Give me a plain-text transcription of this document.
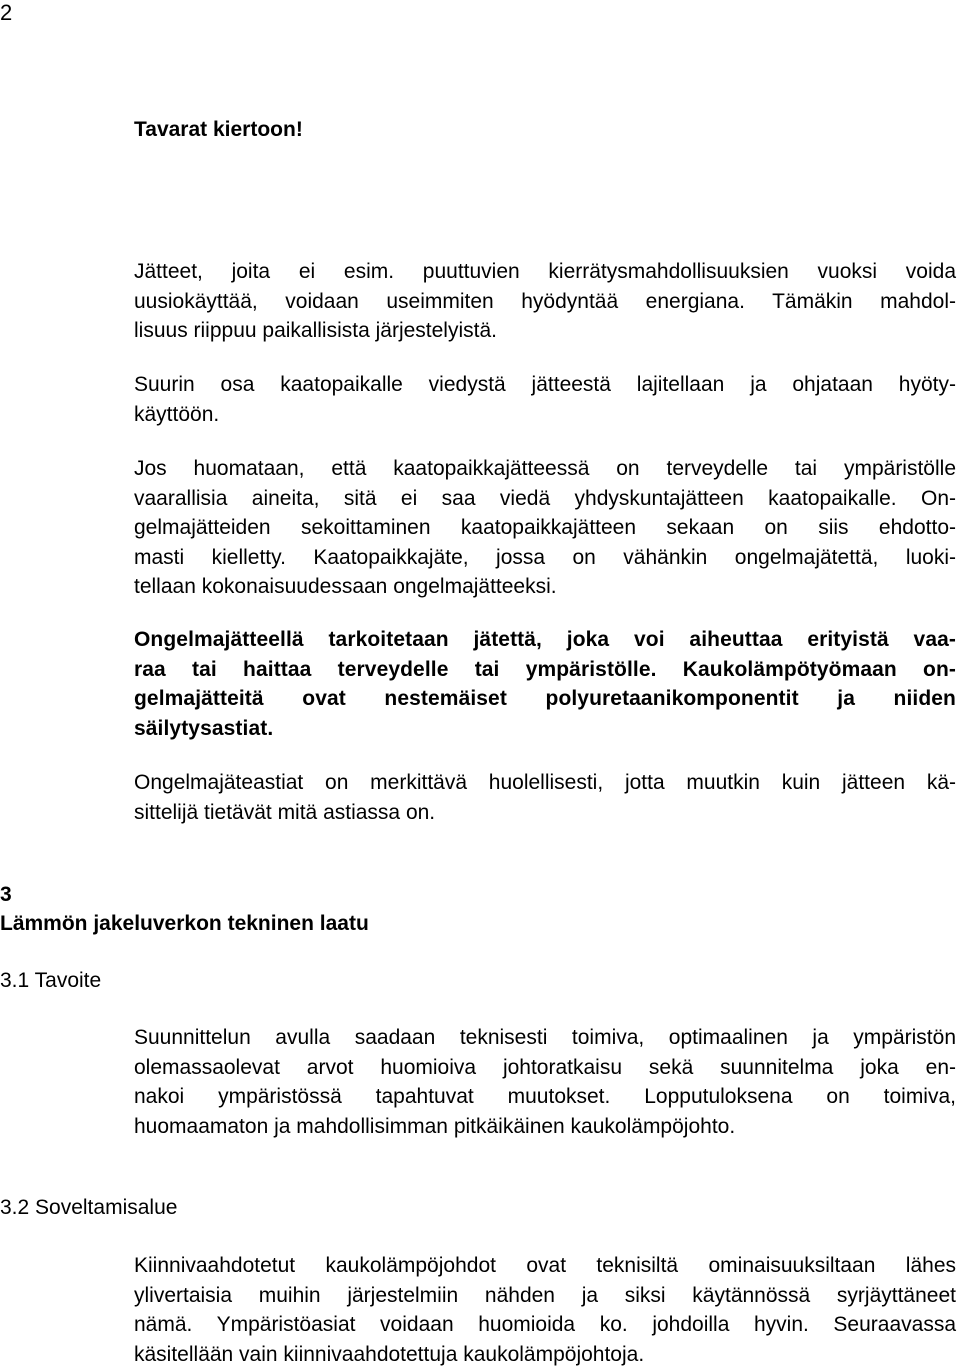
2
Tavarat kiertoon!

Jätteet, joita ei esim. puuttuvien kierrätysmahdollisuuksien vuoksi voida
uusiokäyttää, voidaan useimmiten hyödyntää energiana. Tämäkin mahdol-
lisuus riippuu paikallisista järjestelyistä.

Suurin osa kaatopaikalle viedystä jätteestä lajitellaan ja ohjataan hyöty-
käyttöön.

Jos huomataan, että kaatopaikkajätteessä on terveydelle tai ympäristölle
vaarallisia aineita, sitä ei saa viedä yhdyskuntajätteen kaatopaikalle. On-
gelmajätteiden sekoittaminen kaatopaikkajätteen sekaan on siis ehdotto-
masti kielletty. Kaatopaikkajäte, jossa on vähänkin ongelmajätettä, luoki-
tellaan kokonaisuudessaan ongelmajätteeksi.

Ongelmajätteellä tarkoitetaan jätettä, joka voi aiheuttaa erityistä vaa-
raa tai haittaa terveydelle tai ympäristölle. Kaukolämpötyömaan on-
gelmajätteitä ovat nestemäiset polyuretaanikomponentit ja niiden
säilytysastiat.

Ongelmajäteastiat on merkittävä huolellisesti, jotta muutkin kuin jätteen kä-
sittelijä tietävät mitä astiassa on.

3
Lämmön jakeluverkon tekninen laatu
3.1 Tavoite

Suunnittelun avulla saadaan teknisesti toimiva, optimaalinen ja ympäristön
olemassaolevat arvot huomioiva johtoratkaisu sekä suunnitelma joka en-
nakoi ympäristössä tapahtuvat muutokset. Lopputuloksena on toimiva,
huomaamaton ja mahdollisimman pitkäikäinen kaukolämpöjohto.

3.2 Soveltamisalue

Kiinnivaahdotetut kaukolämpöjohdot ovat teknisiltä ominaisuuksiltaan lähes
ylivertaisia muihin järjestelmiin nähden ja siksi käytännössä syrjäyttäneet
nämä. Ympäristöasiat voidaan huomioida ko. johdoilla hyvin. Seuraavassa
käsitellään vain kiinnivaahdotettuja kaukolämpöjohtoja.
